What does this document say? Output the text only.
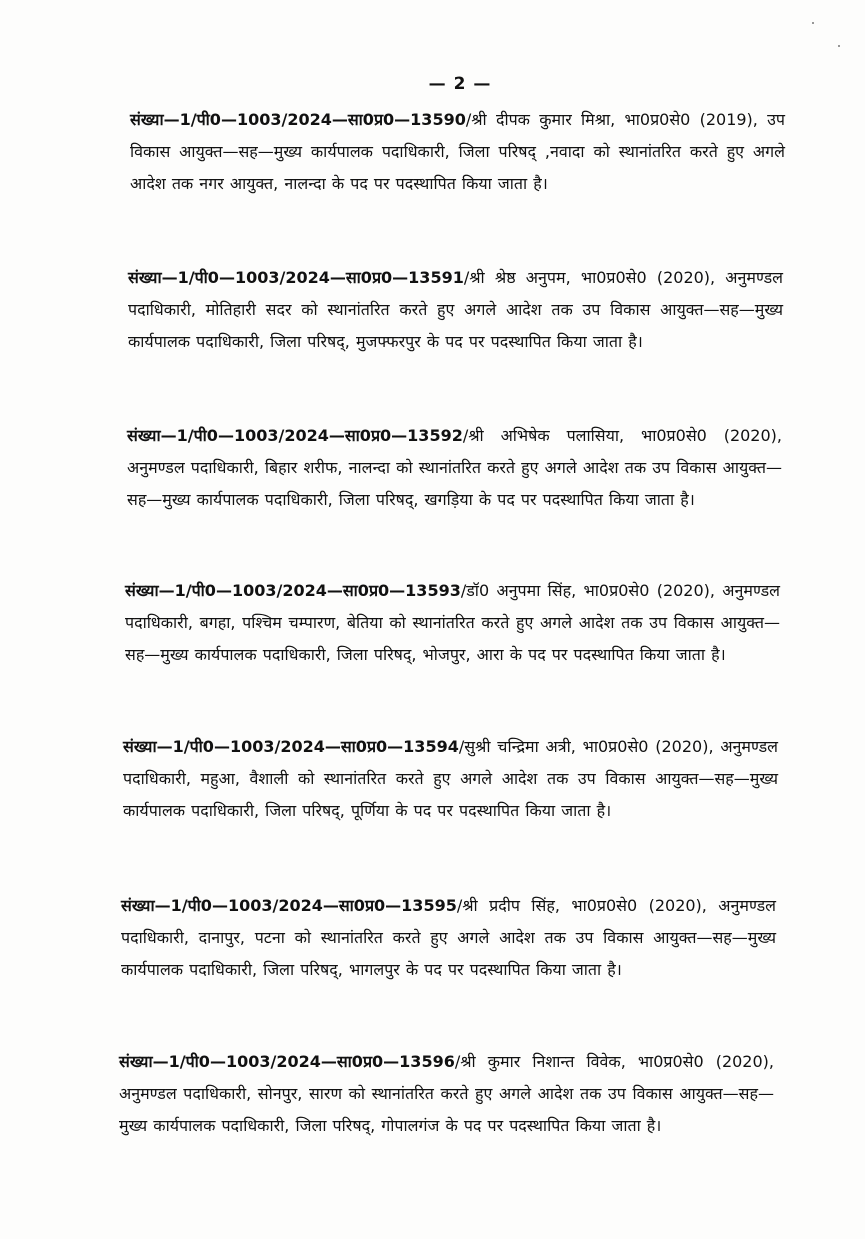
— 2 —

संख्या—1/पी0—1003/2024—सा0प्र0—13590/श्री दीपक कुमार मिश्रा, भा0प्र0से0 (2019), उप विकास आयुक्त—सह—मुख्य कार्यपालक पदाधिकारी, जिला परिषद् ,नवादा को स्थानांतरित करते हुए अगले आदेश तक नगर आयुक्त, नालन्दा के पद पर पदस्थापित किया जाता है।

संख्या—1/पी0—1003/2024—सा0प्र0—13591/श्री श्रेष्ठ अनुपम, भा0प्र0से0 (2020), अनुमण्डल पदाधिकारी, मोतिहारी सदर को स्थानांतरित करते हुए अगले आदेश तक उप विकास आयुक्त—सह—मुख्य कार्यपालक पदाधिकारी, जिला परिषद्, मुजफ्फरपुर के पद पर पदस्थापित किया जाता है।

संख्या—1/पी0—1003/2024—सा0प्र0—13592/श्री अभिषेक पलासिया, भा0प्र0से0 (2020), अनुमण्डल पदाधिकारी, बिहार शरीफ, नालन्दा को स्थानांतरित करते हुए अगले आदेश तक उप विकास आयुक्त—सह—मुख्य कार्यपालक पदाधिकारी, जिला परिषद्, खगड़िया के पद पर पदस्थापित किया जाता है।

संख्या—1/पी0—1003/2024—सा0प्र0—13593/डॉ0 अनुपमा सिंह, भा0प्र0से0 (2020), अनुमण्डल पदाधिकारी, बगहा, पश्चिम चम्पारण, बेतिया को स्थानांतरित करते हुए अगले आदेश तक उप विकास आयुक्त—सह—मुख्य कार्यपालक पदाधिकारी, जिला परिषद्, भोजपुर, आरा के पद पर पदस्थापित किया जाता है।

संख्या—1/पी0—1003/2024—सा0प्र0—13594/सुश्री चन्द्रिमा अत्री, भा0प्र0से0 (2020), अनुमण्डल पदाधिकारी, महुआ, वैशाली को स्थानांतरित करते हुए अगले आदेश तक उप विकास आयुक्त—सह—मुख्य कार्यपालक पदाधिकारी, जिला परिषद्, पूर्णिया के पद पर पदस्थापित किया जाता है।

संख्या—1/पी0—1003/2024—सा0प्र0—13595/श्री प्रदीप सिंह, भा0प्र0से0 (2020), अनुमण्डल पदाधिकारी, दानापुर, पटना को स्थानांतरित करते हुए अगले आदेश तक उप विकास आयुक्त—सह—मुख्य कार्यपालक पदाधिकारी, जिला परिषद्, भागलपुर के पद पर पदस्थापित किया जाता है।

संख्या—1/पी0—1003/2024—सा0प्र0—13596/श्री कुमार निशान्त विवेक, भा0प्र0से0 (2020), अनुमण्डल पदाधिकारी, सोनपुर, सारण को स्थानांतरित करते हुए अगले आदेश तक उप विकास आयुक्त—सह—मुख्य कार्यपालक पदाधिकारी, जिला परिषद्, गोपालगंज के पद पर पदस्थापित किया जाता है।
